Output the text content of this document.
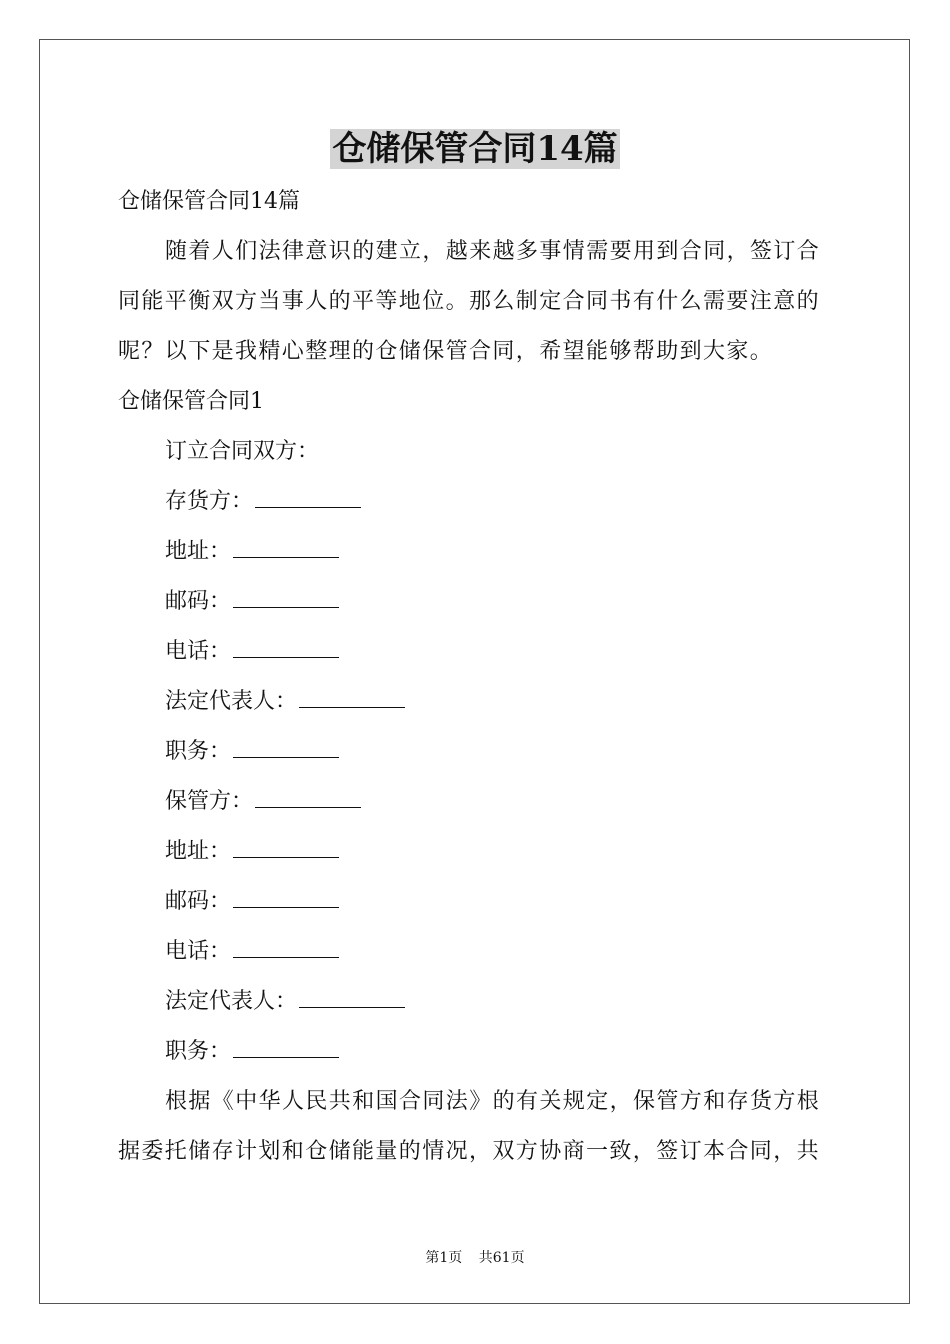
仓储保管合同14篇
仓储保管合同14篇
随着人们法律意识的建立，越来越多事情需要用到合同，签订合同能平衡双方当事人的平等地位。那么制定合同书有什么需要注意的呢？以下是我精心整理的仓储保管合同，希望能够帮助到大家。
仓储保管合同1
订立合同双方：
存货方：
地址：
邮码：
电话：
法定代表人：
职务：
保管方：
地址：
邮码：
电话：
法定代表人：
职务：
根据《中华人民共和国合同法》的有关规定，保管方和存货方根据委托储存计划和仓储能量的情况，双方协商一致，签订本合同，共
第1页 共61页
